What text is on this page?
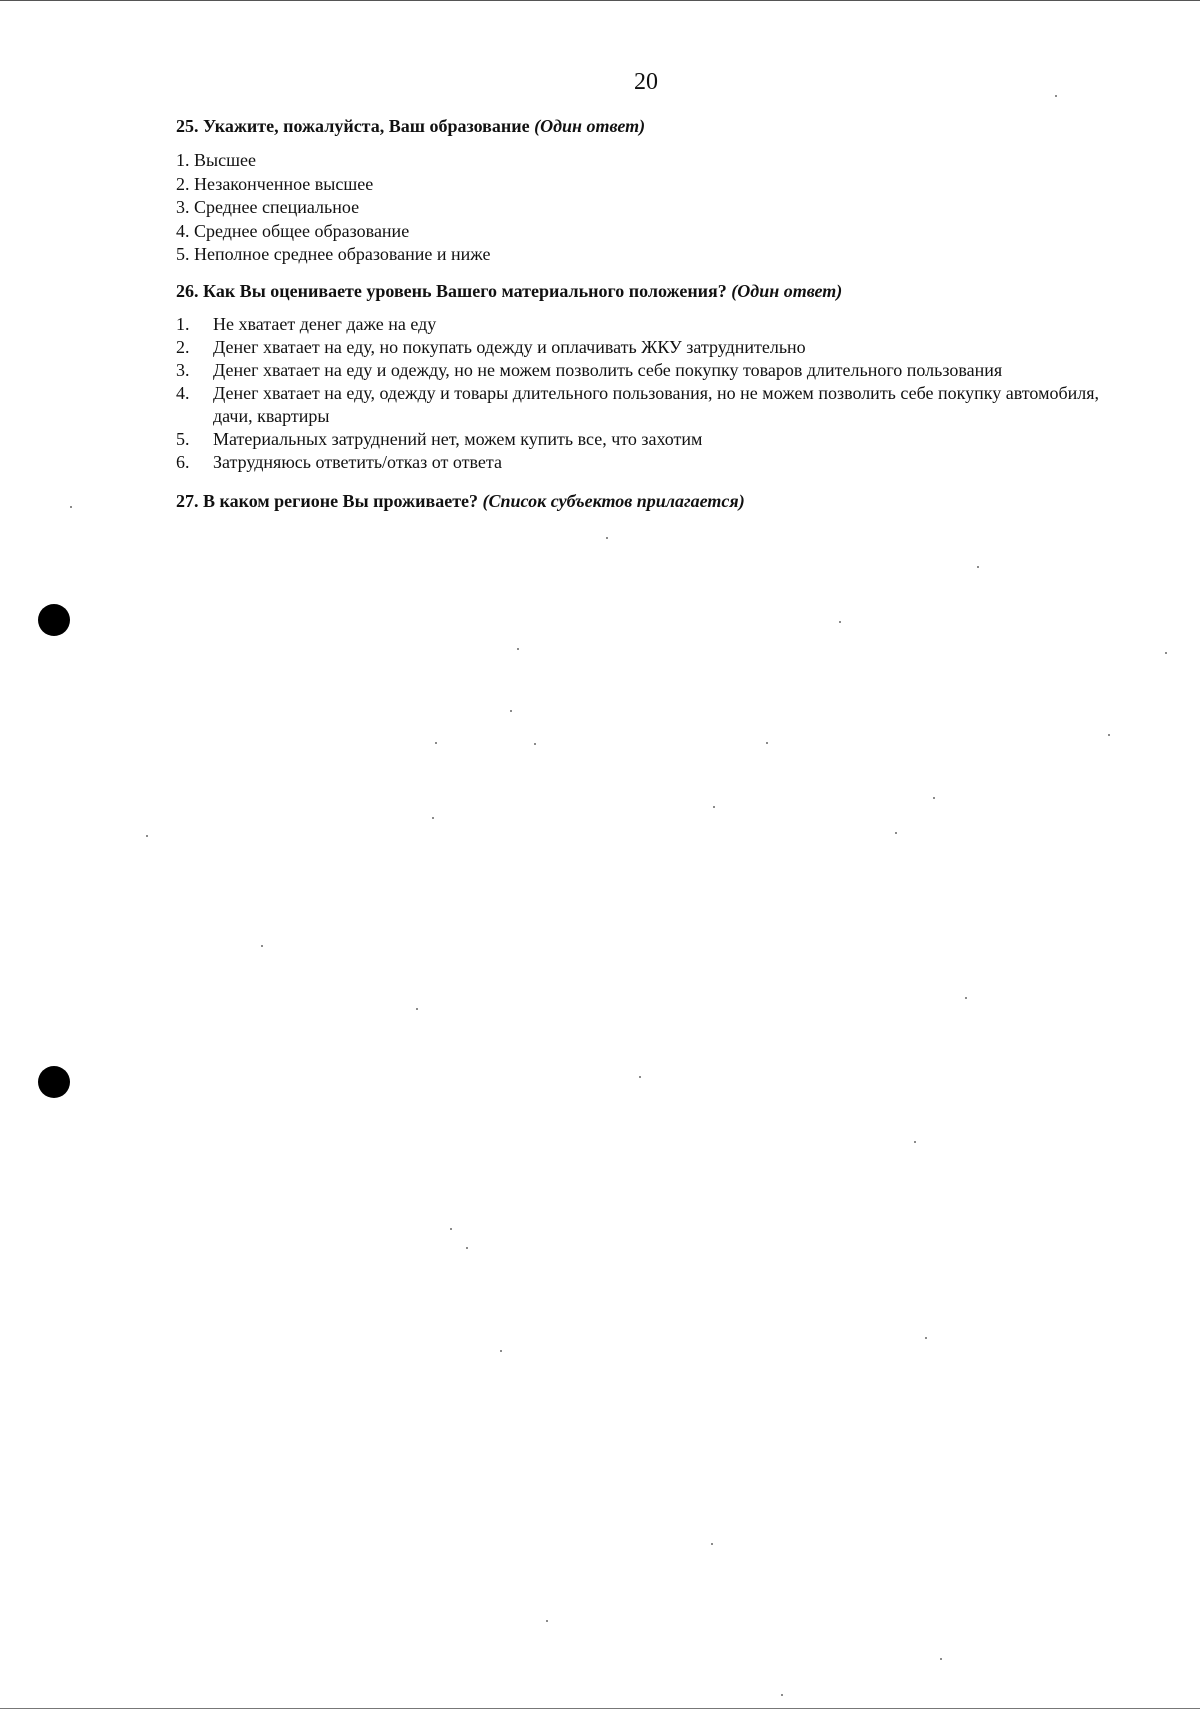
20
25. Укажите, пожалуйста, Ваш образование (Один ответ)
1. Высшее
2. Незаконченное высшее
3. Среднее специальное
4. Среднее общее образование
5. Неполное среднее образование и ниже
26. Как Вы оцениваете уровень Вашего материального положения? (Один ответ)
1.	Не хватает денег даже на еду
2.	Денег хватает на еду, но покупать одежду и оплачивать ЖКУ затруднительно
3.	Денег хватает на еду и одежду, но не можем позволить себе покупку товаров длительного пользования
4.	Денег хватает на еду, одежду и товары длительного пользования, но не можем позволить себе покупку автомобиля, дачи, квартиры
5.	Материальных затруднений нет, можем купить все, что захотим
6.	Затрудняюсь ответить/отказ от ответа
27. В каком регионе Вы проживаете? (Список субъектов прилагается)
